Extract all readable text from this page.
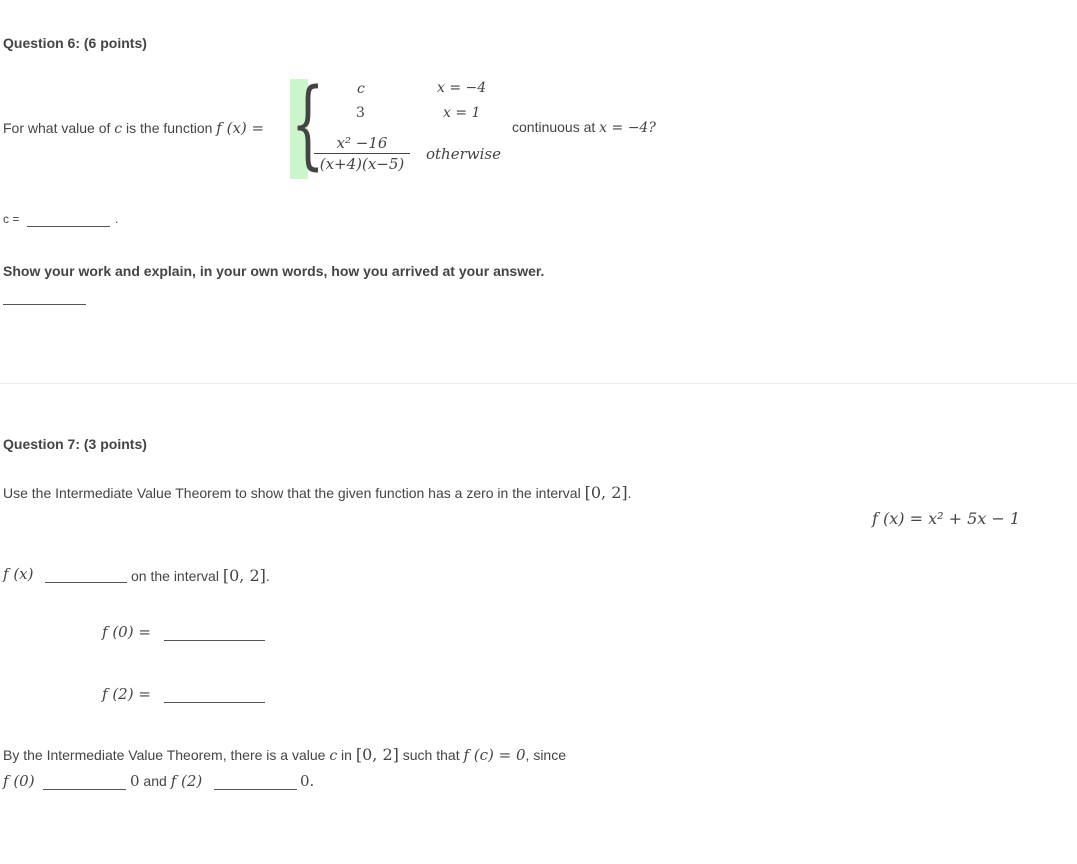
Question 6: (6 points)
For what value of c is the function f (x) = { c	x = −4
3	x = 1
x² −16
(x+4)(x−5)
otherwise
continuous at x = −4?
c =	.
Show your work and explain, in your own words, how you arrived at your answer.
Question 7: (3 points)
Use the Intermediate Value Theorem to show that the given function has a zero in the interval [0, 2].
f (x) = x² + 5x − 1
f (x)	on the interval [0, 2].
f (0) =
f (2) =
By the Intermediate Value Theorem, there is a value c in [0, 2] such that f (c) = 0, since
f (0)	0 and f (2)	0.
